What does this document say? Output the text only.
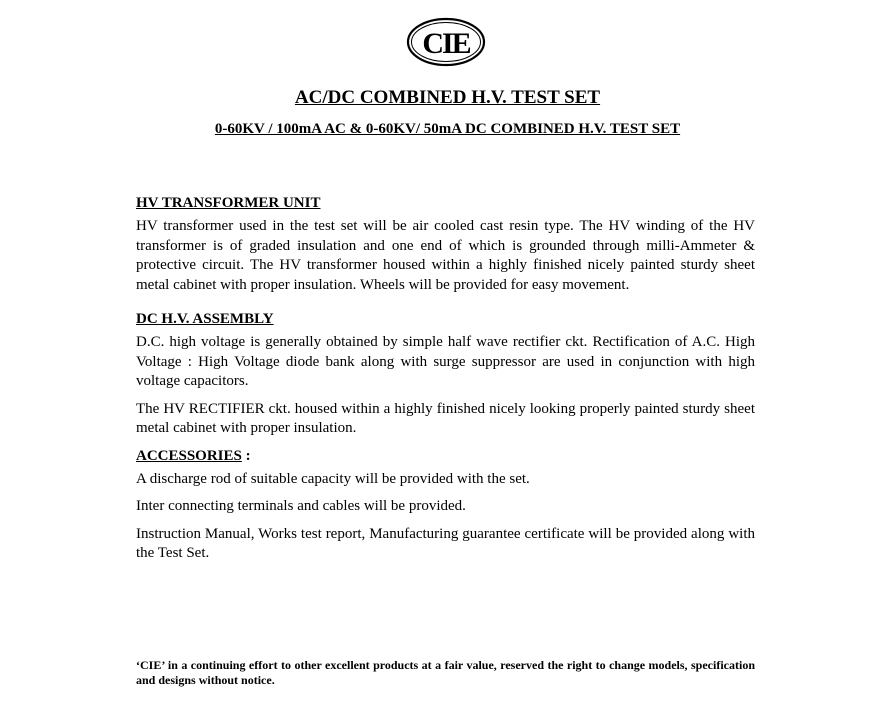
CIE
AC/DC COMBINED H.V. TEST SET
0-60KV / 100mA AC & 0-60KV/ 50mA DC COMBINED H.V. TEST SET

HV TRANSFORMER UNIT

HV transformer used in the test set will be air cooled cast resin type. The HV winding of the HV transformer is of graded insulation and one end of which is grounded through milli-Ammeter & protective circuit. The HV transformer housed within a highly finished nicely painted sturdy sheet metal cabinet with proper insulation. Wheels will be provided for easy movement.

DC H.V. ASSEMBLY

D.C. high voltage is generally obtained by simple half wave rectifier ckt. Rectification of A.C. High Voltage : High Voltage diode bank along with surge suppressor are used in conjunction with high voltage capacitors.

The HV RECTIFIER ckt. housed within a highly finished nicely looking properly painted sturdy sheet metal cabinet with proper insulation.

ACCESSORIES :

A discharge rod of suitable capacity will be provided with the set.

Inter connecting terminals and cables will be provided.

Instruction Manual, Works test report, Manufacturing guarantee certificate will be provided along with the Test Set.

‘CIE’ in a continuing effort to other excellent products at a fair value, reserved the right to change models, specification and designs without notice.
